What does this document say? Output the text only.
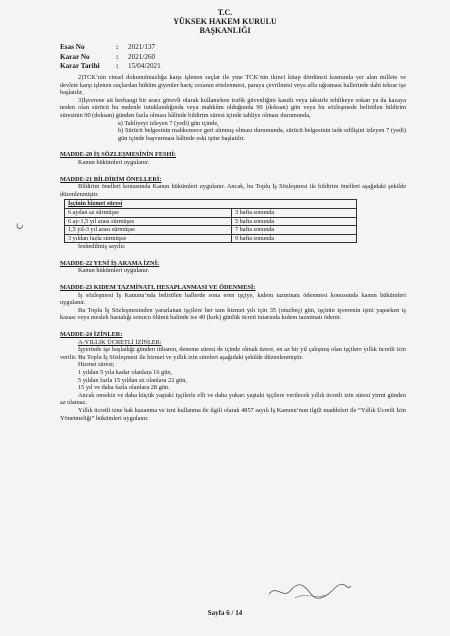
T.C.
YÜKSEK HAKEM KURULU
BAŞKANLIĞI
Esas No	:	2021/137
Karar No	:	2021/260
Karar Tarihi	:	15/04/2021

2)TCK’nin cinsel dokunulmazlığa karşı işlenen suçlar ile yine TCK’nin ikinci kitap dördüncü kısmında yer alan millete ve devlete karşı işlenen suçlardan hüküm giyenler hariç cezanın ertelenmesi, paraya çevrilmesi veya affa uğraması hallerinde dahi tekrar işe başlatılır.

3)İşverene ait herhangi bir aracı görevli olarak kullanırken trafik güvenliğini kasıtlı veya taksirle tehlikeye sokan ya da kazaya neden olan sürücü bu nedenle tutuklandığında veya mahkûm olduğunda 90 (doksan) gün veya bu sözleşmede belirtilen bildirim süresinin 90 (doksan) günden fazla olması hâlinde bildirim süresi içinde tahliye olması durumunda,

a) Tahliyeyi izleyen 7 (yedi) gün içinde,

b) Sürücü belgesinin mahkemece geri alınmış olması durumunda, sürücü belgesinin iade edilişini izleyen 7 (yedi) gün içinde başvurması hâlinde eski işine başlatılır.

MADDE-20 İŞ SÖZLEŞMESİNİN FESHİ:

Kanun hükümleri uygulanır.

MADDE-21 BİLDİRİM ÖNELLERİ:

Bildirim önelleri konusunda Kanun hükümleri uygulanır. Ancak, bu Toplu İş Sözleşmesi ile bildirim önelleri aşağıdaki şekilde düzenlenmiştir.

İşçinin hizmet süresi	
6 aydan az sürmüşse	3 hafta sonunda
6 ay-1,5 yıl arası sürmüşse	5 hafta sonunda
1,5 yıl-3 yıl arası sürmüşse	7 hafta sonunda
3 yıldan fazla sürmüşse	9 hafta sonunda

feshedilmiş sayılır.

MADDE-22 YENİ İŞ ARAMA İZNİ:

Kanun hükümleri uygulanır.

MADDE-23 KIDEM TAZMİNATI, HESAPLANMASI VE ÖDENMESİ:

İş sözleşmesi İş Kanunu’nda belirtilen hallerde sona eren işçiye, kıdem tazminatı ödenmesi konusunda kanun hükümleri uygulanır.

Bu Toplu İş Sözleşmesinden yararlanan işçilere her tam hizmet yılı için 35 (otuzbeş) gün, işçinin işverenin işini yaparken iş kazası veya meslek hastalığı sonucu ölümü halinde ise 40 (kırk) günlük ücreti tutarında kıdem tazminatı ödenir.

MADDE-24 İZİNLER:

A-YILLIK ÜCRETLİ İZİNLER:

İşyerinde işe başladığı günden itibaren, deneme süresi de içinde olmak üzere, en az bir yıl çalışmış olan işçilere yıllık ücretli izin verilir. Bu Toplu İş Sözleşmesi ile hizmet ve yıllık izin süreleri aşağıdaki şekilde düzenlenmiştir.

Hizmet süresi;

1 yıldan 5 yıla kadar olanlara 16 gün,

5 yıldan fazla 15 yıldan az olanlara 22 gün,

15 yıl ve daha fazla olanlara 28 gün.

Ancak onsekiz ve daha küçük yaştaki işçilerle elli ve daha yukarı yaştaki işçilere verilecek yıllık ücretli izin süresi yirmi günden az olamaz.

Yıllık ücretli izne hak kazanma ve izni kullanma ile ilgili olarak 4857 sayılı İş Kanunu’nun ilgili maddeleri ile “Yıllık Ücretli İzin Yönetmeliği” hükümleri uygulanır.

С
Sayfa 6 / 14
